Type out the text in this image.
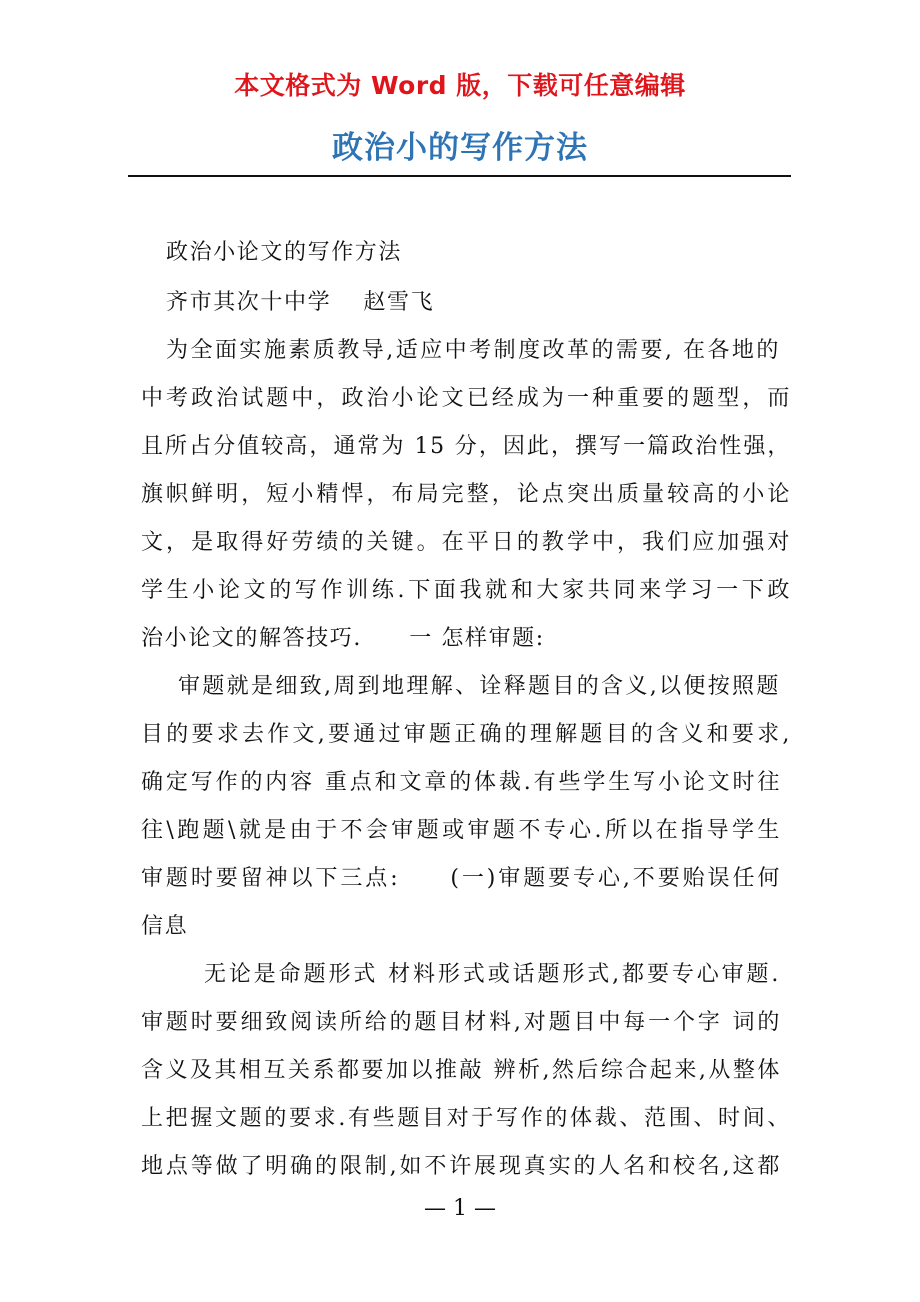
本文格式为 Word 版，下载可任意编辑
政治小的写作方法
政治小论文的写作方法
齐市其次十中学　 赵雪飞
为全面实施素质教导,适应中考制度改革的需要, 在各地的
中考政治试题中，政治小论文已经成为一种重要的题型，而
且所占分值较高，通常为 15 分，因此，撰写一篇政治性强，
旗帜鲜明，短小精悍，布局完整，论点突出质量较高的小论
文，是取得好劳绩的关键。在平日的教学中，我们应加强对
学生小论文的写作训练.下面我就和大家共同来学习一下政
治小论文的解答技巧.　　一 怎样审题:
审题就是细致,周到地理解、诠释题目的含义,以便按照题
目的要求去作文,要通过审题正确的理解题目的含义和要求,
确定写作的内容 重点和文章的体裁.有些学生写小论文时往
往\跑题\就是由于不会审题或审题不专心.所以在指导学生
审题时要留神以下三点:　　(一)审题要专心,不要贻误任何
信息
无论是命题形式 材料形式或话题形式,都要专心审题.
审题时要细致阅读所给的题目材料,对题目中每一个字 词的
含义及其相互关系都要加以推敲 辨析,然后综合起来,从整体
上把握文题的要求.有些题目对于写作的体裁、范围、时间、
地点等做了明确的限制,如不许展现真实的人名和校名,这都
— 1 —
